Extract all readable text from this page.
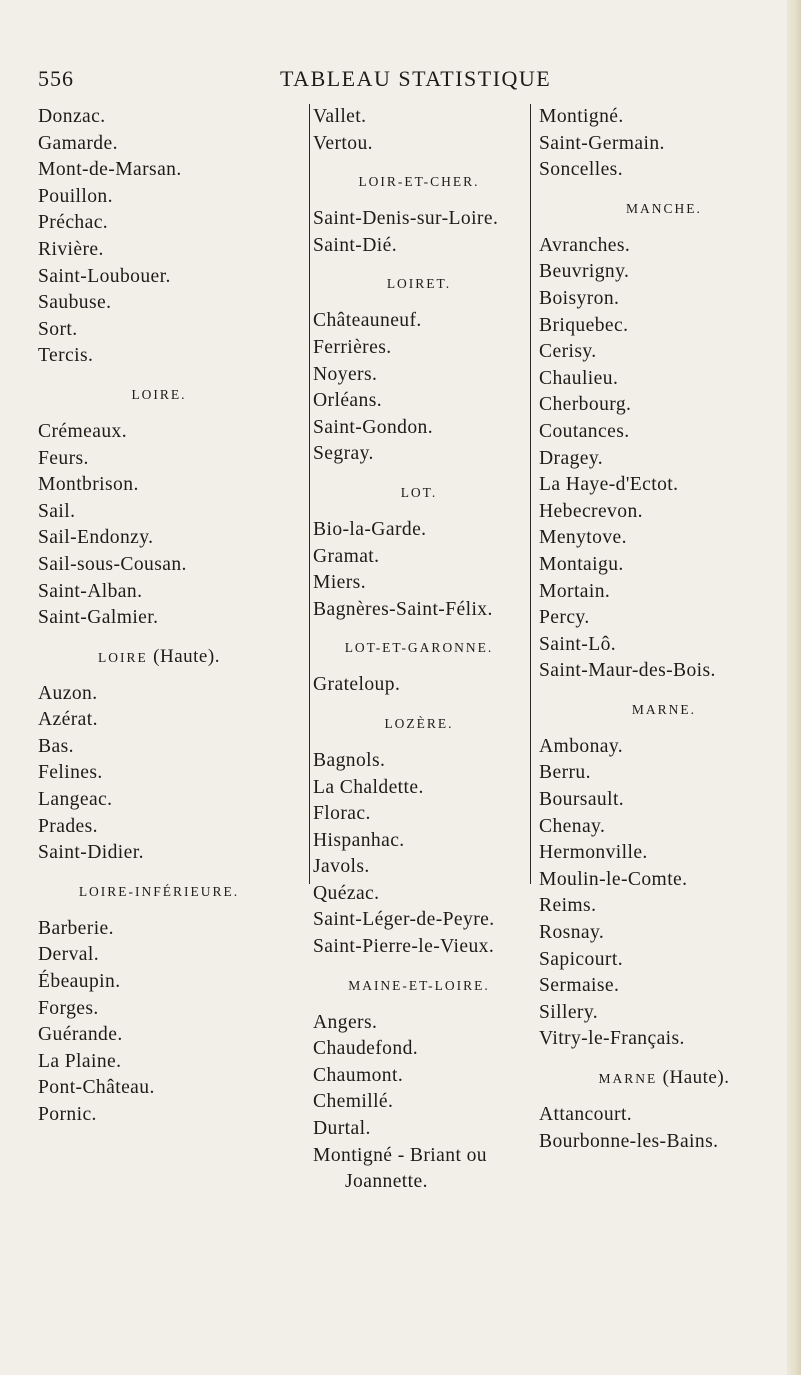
556	TABLEAU STATISTIQUE
Donzac.
Gamarde.
Mont-de-Marsan.
Pouillon.
Préchac.
Rivière.
Saint-Loubouer.
Saubuse.
Sort.
Tercis.
LOIRE.
Crémeaux.
Feurs.
Montbrison.
Sail.
Sail-Endonzy.
Sail-sous-Cousan.
Saint-Alban.
Saint-Galmier.
LOIRE (Haute).
Auzon.
Azérat.
Bas.
Felines.
Langeac.
Prades.
Saint-Didier.
LOIRE-INFÉRIEURE.
Barberie.
Derval.
Ébeaupin.
Forges.
Guérande.
La Plaine.
Pont-Château.
Pornic.
Vallet.
Vertou.
LOIR-ET-CHER.
Saint-Denis-sur-Loire.
Saint-Dié.
LOIRET.
Châteauneuf.
Ferrières.
Noyers.
Orléans.
Saint-Gondon.
Segray.
LOT.
Bio-la-Garde.
Gramat.
Miers.
Bagnères-Saint-Félix.
LOT-ET-GARONNE.
Grateloup.
LOZÈRE.
Bagnols.
La Chaldette.
Florac.
Hispanhac.
Javols.
Quézac.
Saint-Léger-de-Peyre.
Saint-Pierre-le-Vieux.
MAINE-ET-LOIRE.
Angers.
Chaudefond.
Chaumont.
Chemillé.
Durtal.
Montigné - Briant ou
Joannette.
Montigné.
Saint-Germain.
Soncelles.
MANCHE.
Avranches.
Beuvrigny.
Boisyron.
Briquebec.
Cerisy.
Chaulieu.
Cherbourg.
Coutances.
Dragey.
La Haye-d'Ectot.
Hebecrevon.
Menytove.
Montaigu.
Mortain.
Percy.
Saint-Lô.
Saint-Maur-des-Bois.
MARNE.
Ambonay.
Berru.
Boursault.
Chenay.
Hermonville.
Moulin-le-Comte.
Reims.
Rosnay.
Sapicourt.
Sermaise.
Sillery.
Vitry-le-Français.
MARNE (Haute).
Attancourt.
Bourbonne-les-Bains.
